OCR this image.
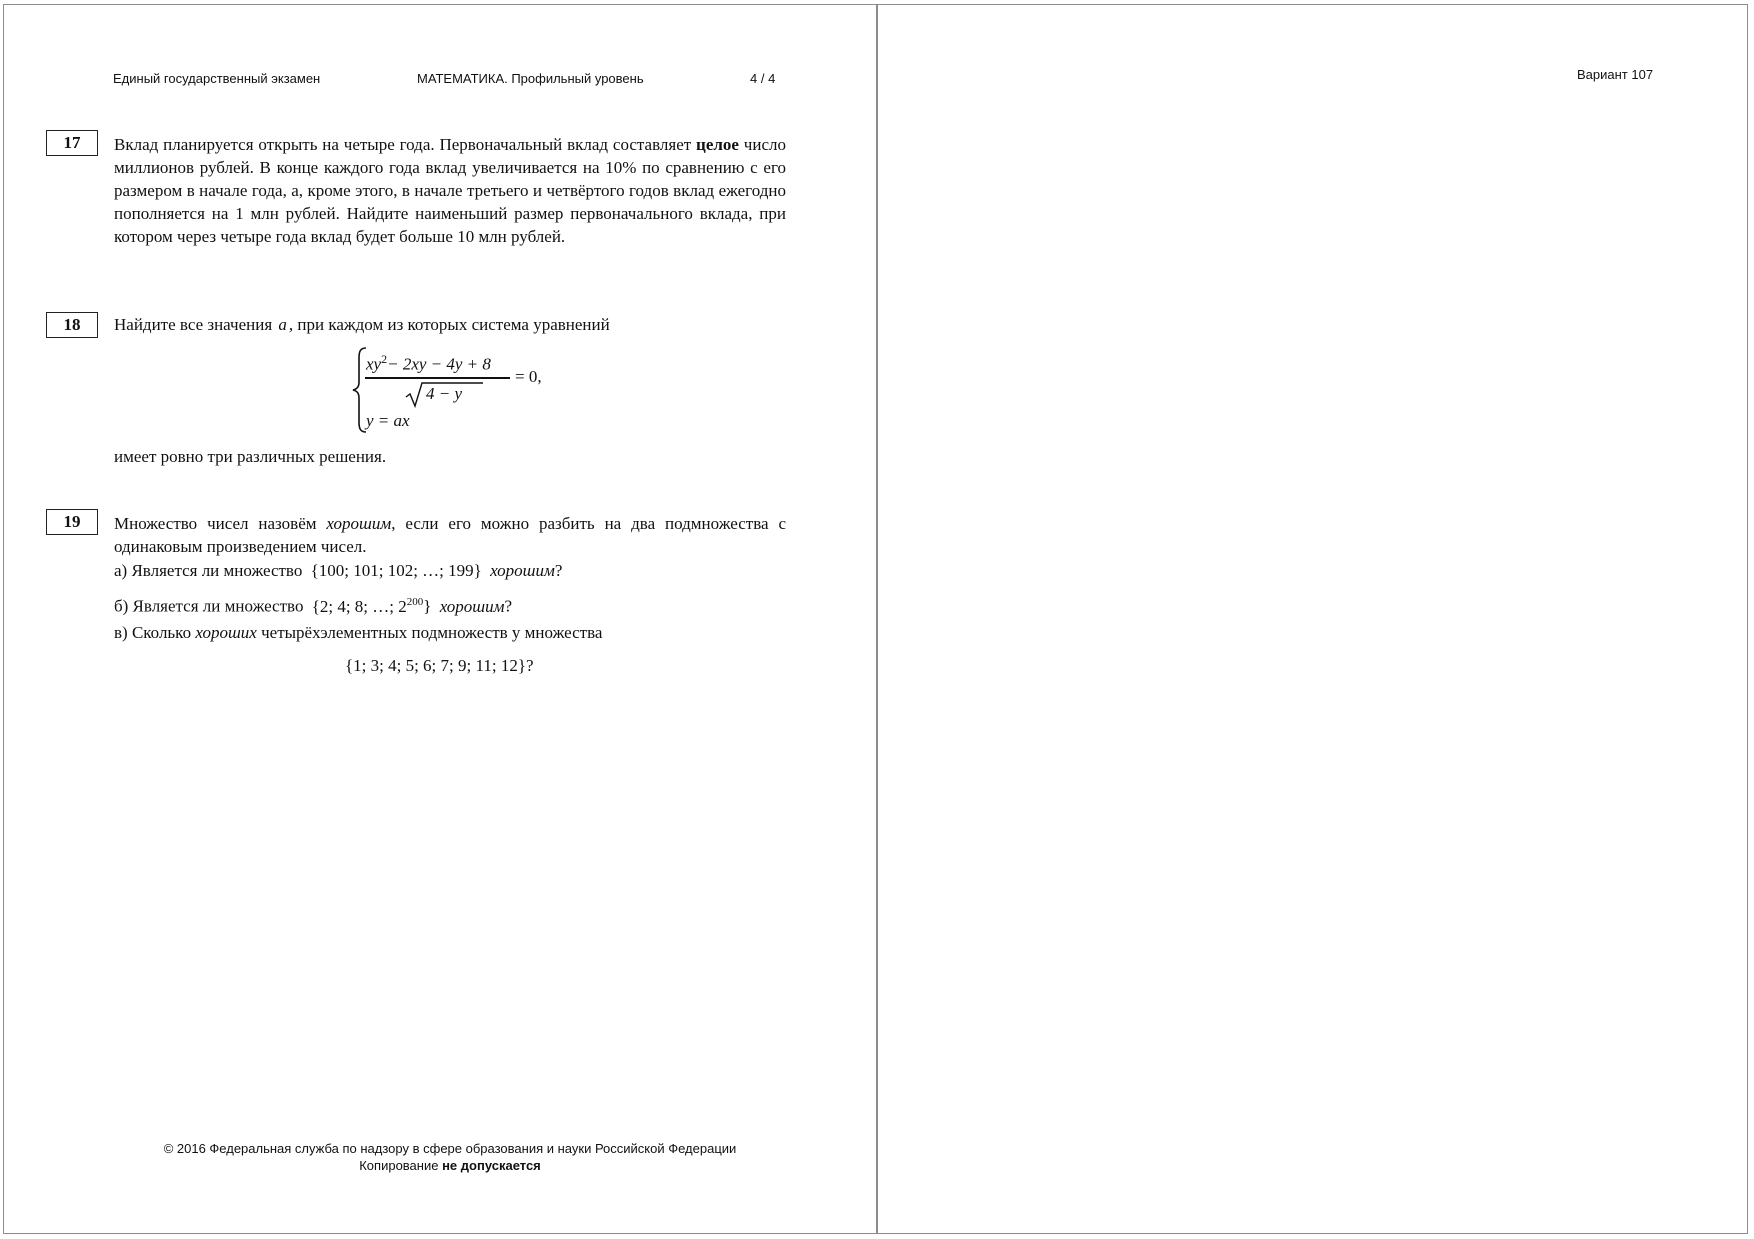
Единый государственный экзамен	МАТЕМАТИКА. Профильный уровень	4 / 4	Вариант 107
17	Вклад планируется открыть на четыре года. Первоначальный вклад составляет целое число миллионов рублей. В конце каждого года вклад увеличивается на 10% по сравнению с его размером в начале года, а, кроме этого, в начале третьего и четвёртого годов вклад ежегодно пополняется на 1 млн рублей. Найдите наименьший размер первоначального вклада, при котором через четыре года вклад будет больше 10 млн рублей.
18	Найдите все значения a , при каждом из которых система уравнений
$xy^2- 2xy - 4y + 8$
4 − y
= 0,
y = ax
имеет ровно три различных решения.
19	Множество чисел назовём хорошим, если его можно разбить на два подмножества с одинаковым произведением чисел.
а) Является ли множество {100; 101; 102; …; 199} хорошим?
б) Является ли множество {2; 4; 8; …; $2^{200}$} хорошим?
в) Сколько хороших четырёхэлементных подмножеств у множества
{1; 3; 4; 5; 6; 7; 9; 11; 12}?
© 2016 Федеральная служба по надзору в сфере образования и науки Российской Федерации
Копирование не допускается
